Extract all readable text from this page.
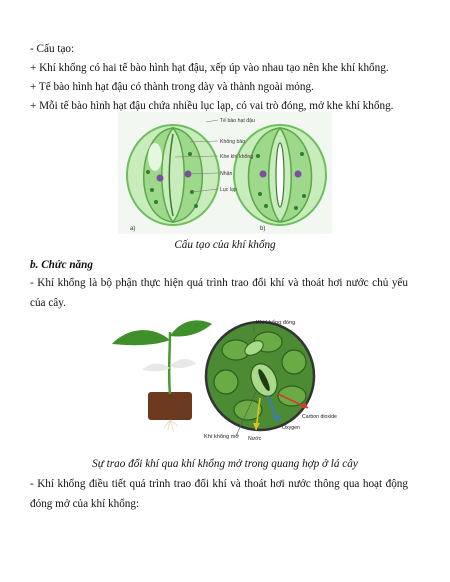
- Cấu tạo:
+ Khí khổng có hai tế bào hình hạt đậu, xếp úp vào nhau tạo nên khe khí khổng.
+ Tế bào hình hạt đậu có thành trong dày và thành ngoài mỏng.
+ Mỗi tế bào hình hạt đậu chứa nhiều lục lạp, có vai trò đóng, mở khe khí khổng.
Tế bào hạt đậu
Không bào
Khe khí khổng
Nhân
Lục lạp
a)	b)
Cấu tạo của khí khổng
b. Chức năng
- Khí khổng là bộ phận thực hiện quá trình trao đổi khí và thoát hơi nước chủ yếu của cây.
Khí khổng đóng
Carbon dioxide
Oxygen
Nước
Khí khổng mở
Sự trao đổi khí qua khí khổng mở trong quang hợp ở lá cây
- Khí khổng điều tiết quá trình trao đổi khí và thoát hơi nước thông qua hoạt động đóng mở của khí khổng:
